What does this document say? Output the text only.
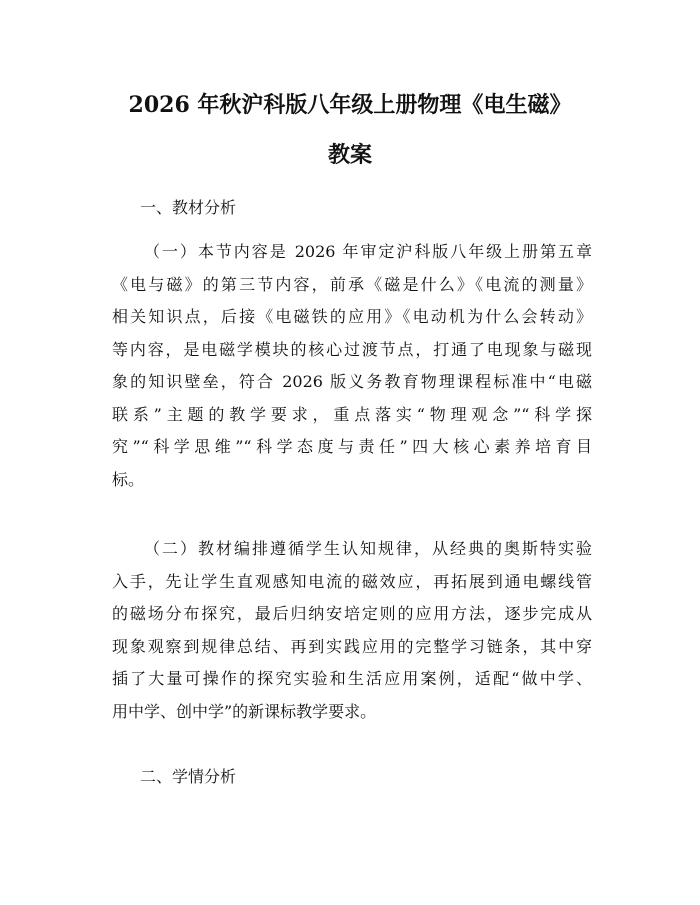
2026 年秋沪科版八年级上册物理《电生磁》
教案

一、教材分析

（一）本节内容是 2026 年审定沪科版八年级上册第五章
《电与磁》的第三节内容，前承《磁是什么》《电流的测量》
相关知识点，后接《电磁铁的应用》《电动机为什么会转动》
等内容，是电磁学模块的核心过渡节点，打通了电现象与磁现
象的知识壁垒，符合 2026 版义务教育物理课程标准中“电磁
联系”主题的教学要求，重点落实“物理观念”“科学探
究”“科学思维”“科学态度与责任”四大核心素养培育目
标。
（二）教材编排遵循学生认知规律，从经典的奥斯特实验
入手，先让学生直观感知电流的磁效应，再拓展到通电螺线管
的磁场分布探究，最后归纳安培定则的应用方法，逐步完成从
现象观察到规律总结、再到实践应用的完整学习链条，其中穿
插了大量可操作的探究实验和生活应用案例，适配“做中学、
用中学、创中学”的新课标教学要求。

二、学情分析
